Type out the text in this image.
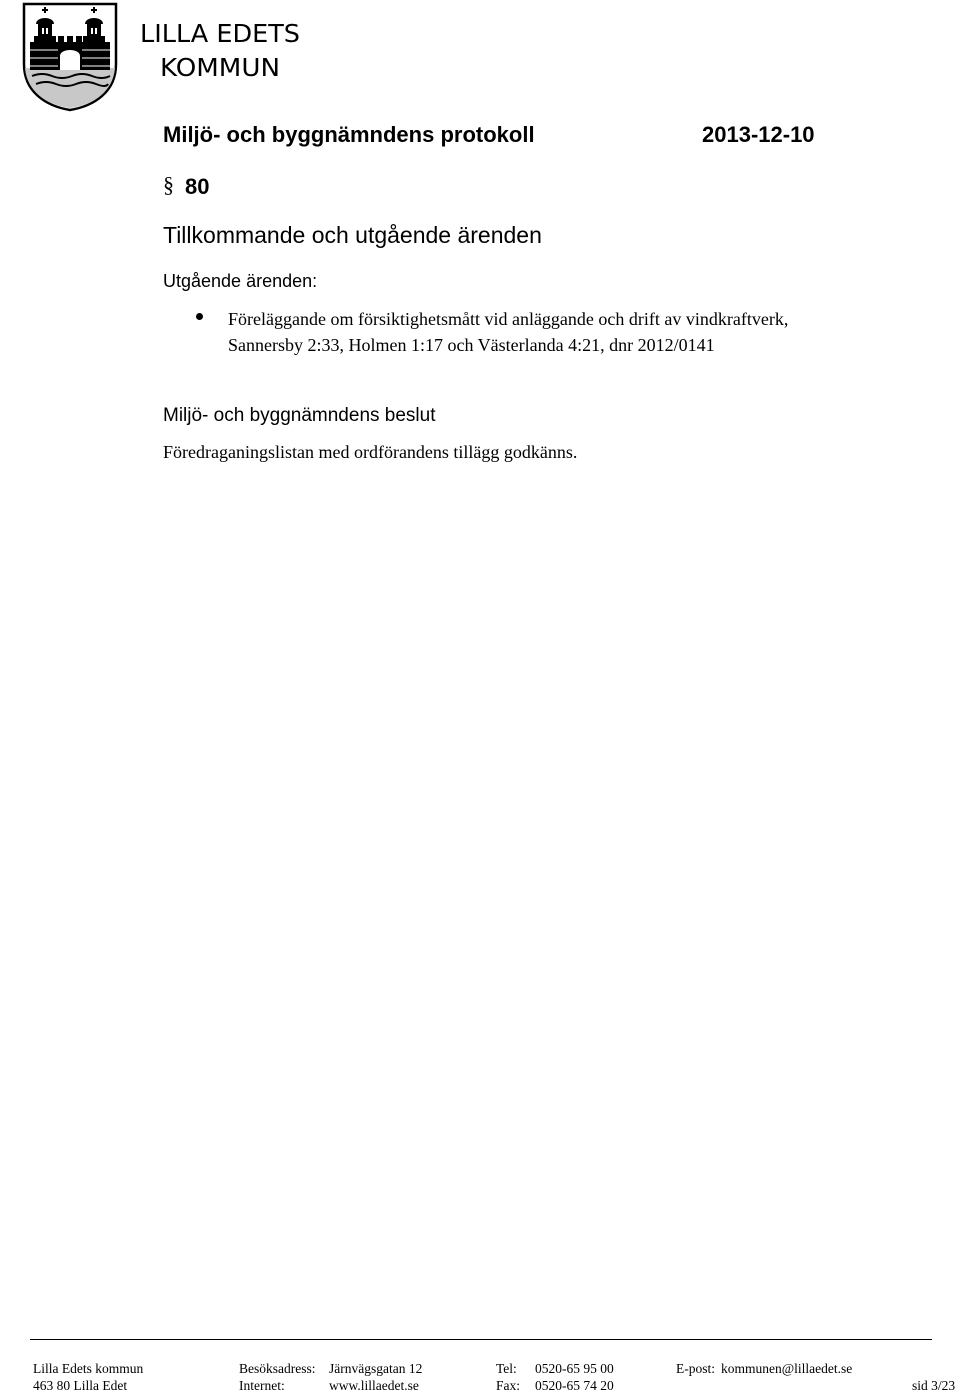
LILLA EDETS
KOMMUN
Miljö- och byggnämndens protokoll	2013-12-10
§ 80
Tillkommande och utgående ärenden
Utgående ärenden:
Föreläggande om försiktighetsmått vid anläggande och drift av vindkraftverk,
Sannersby 2:33, Holmen 1:17 och Västerlanda 4:21, dnr 2012/0141
Miljö- och byggnämndens beslut
Föredraganingslistan med ordförandens tillägg godkänns.
Lilla Edets kommun
463 80 Lilla Edet
Besöksadress: Järnvägsgatan 12
Internet:	www.lillaedet.se
Tel: 0520-65 95 00
Fax: 0520-65 74 20
E-post: kommunen@lillaedet.se
sid 3/23
